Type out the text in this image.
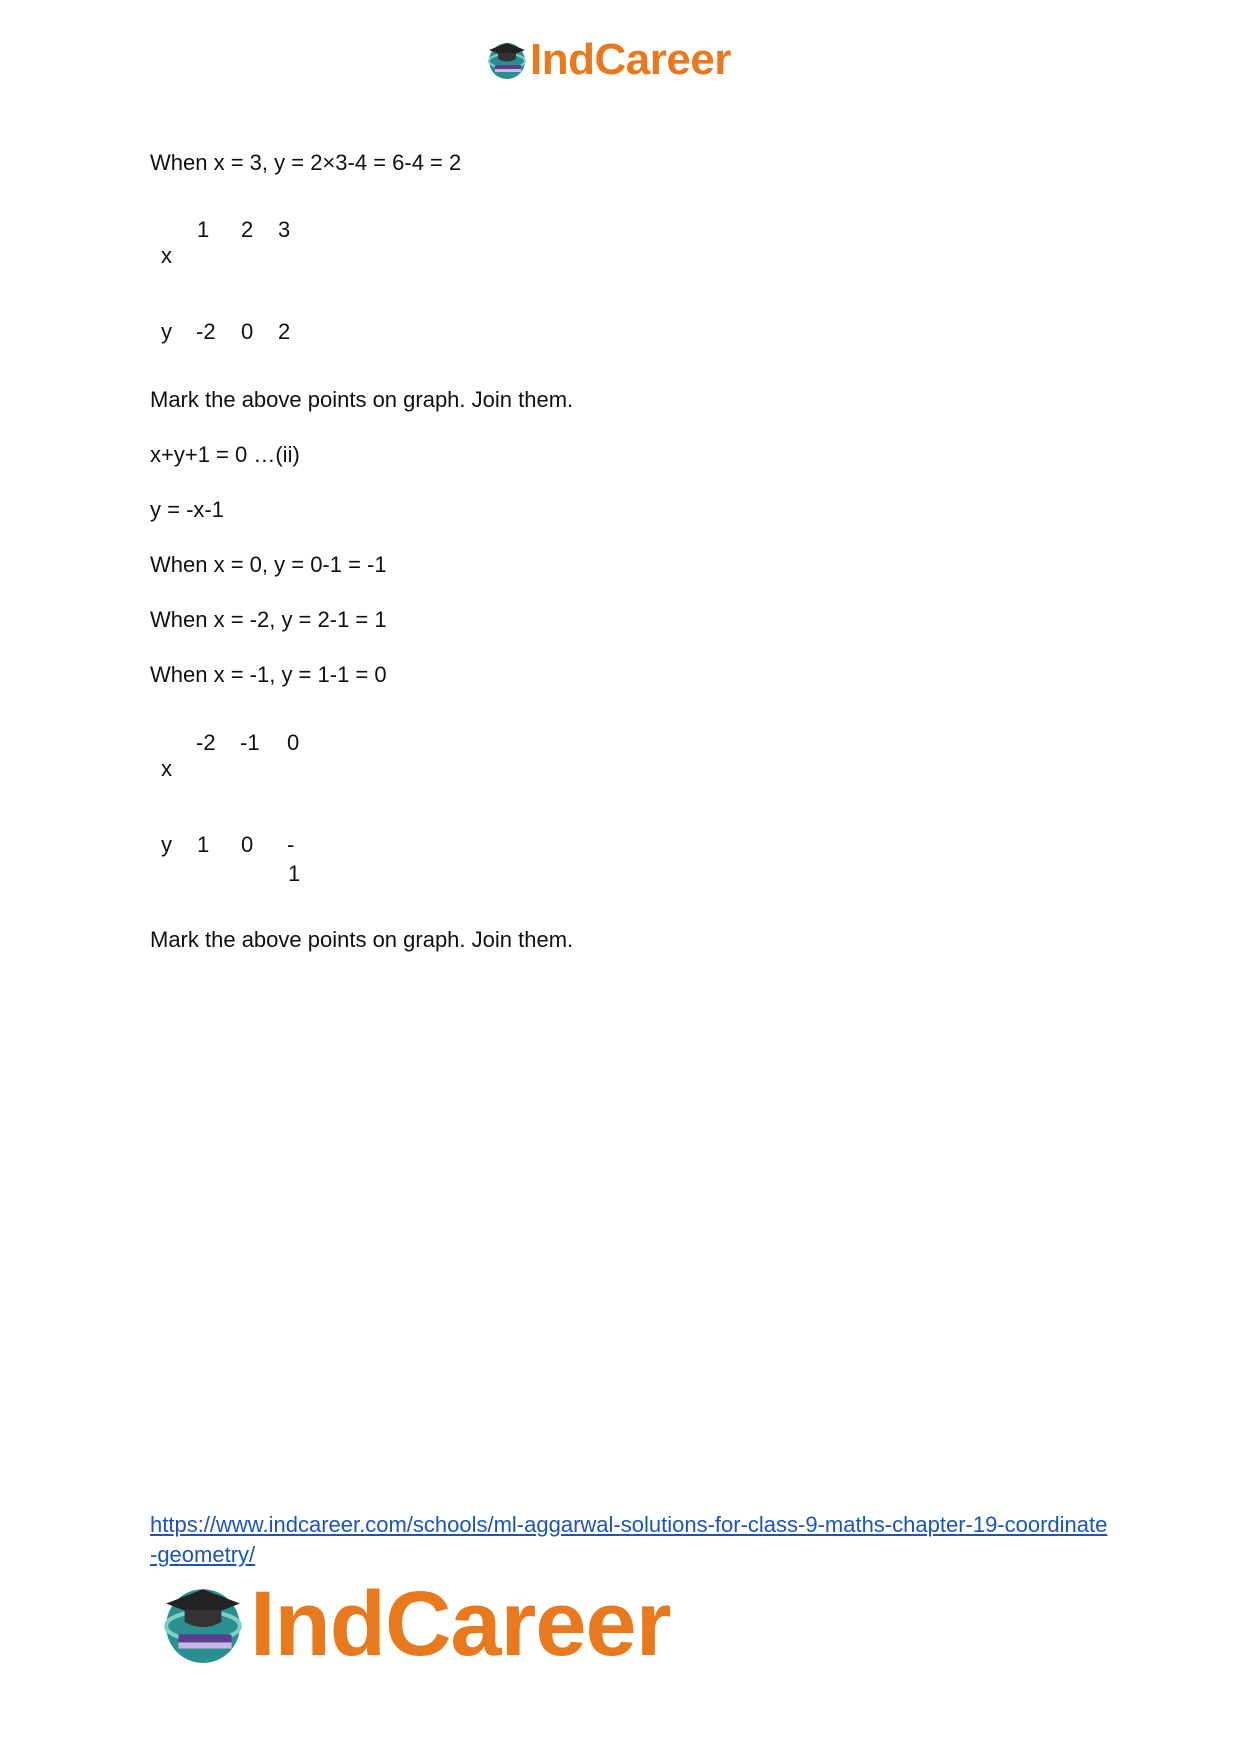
IndCareer
When x = 3, y = 2×3-4 = 6-4 = 2
x
1 2 3
y -2 0 2
Mark the above points on graph. Join them.
x+y+1 = 0 …(ii)
y = -x-1
When x = 0, y = 0-1 = -1
When x = -2, y = 2-1 = 1
When x = -1, y = 1-1 = 0
x
-2 -1 0
y 1 0 -
1
Mark the above points on graph. Join them.
https://www.indcareer.com/schools/ml-aggarwal-solutions-for-class-9-maths-chapter-19-coordinate-geometry/
IndCareer
